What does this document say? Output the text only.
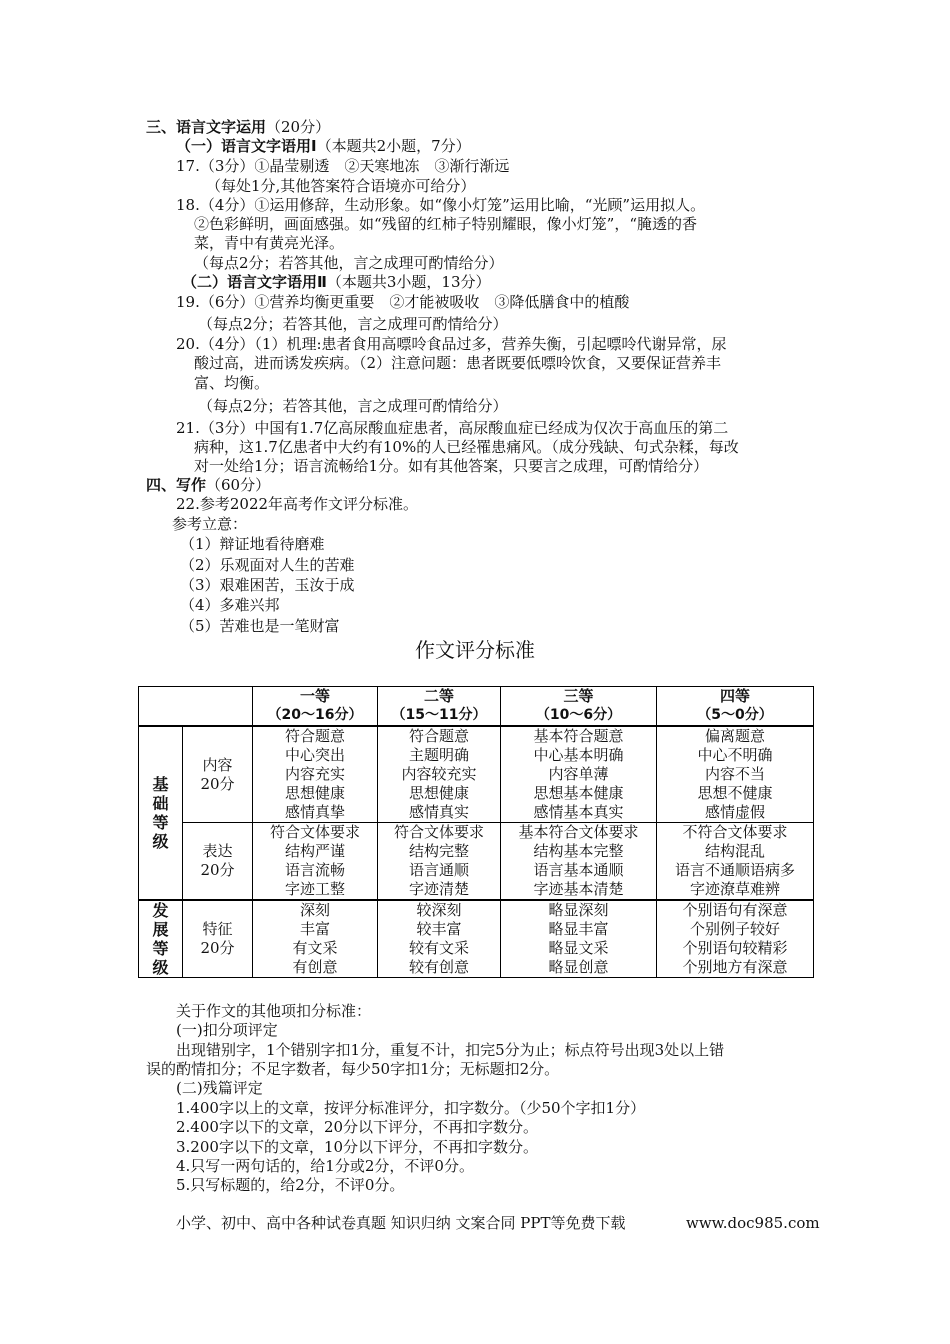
三、语言文字运用（20分）
（一）语言文字语用Ⅰ（本题共2小题，7分）
17.（3分）①晶莹剔透　②天寒地冻　③渐行渐远
（每处1分,其他答案符合语境亦可给分）
18.（4分）①运用修辞，生动形象。如“像小灯笼”运用比喻，“光顾”运用拟人。
②色彩鲜明，画面感强。如“残留的红柿子特别耀眼，像小灯笼”，“腌透的香
菜，青中有黄亮光泽。
（每点2分；若答其他，言之成理可酌情给分）
（二）语言文字语用Ⅱ（本题共3小题，13分）
19.（6分）①营养均衡更重要　②才能被吸收　③降低膳食中的植酸
（每点2分；若答其他，言之成理可酌情给分）
20.（4分）（1）机理:患者食用高嘌呤食品过多，营养失衡，引起嘌呤代谢异常，尿
酸过高，进而诱发疾病。（2）注意问题：患者既要低嘌呤饮食，又要保证营养丰
富、均衡。
（每点2分；若答其他，言之成理可酌情给分）
21.（3分）中国有1.7亿高尿酸血症患者，高尿酸血症已经成为仅次于高血压的第二
病种，这1.7亿患者中大约有10%的人已经罹患痛风。（成分残缺、句式杂糅，每改
对一处给1分；语言流畅给1分。如有其他答案，只要言之成理，可酌情给分）
四、写作（60分）
22.参考2022年高考作文评分标准。
参考立意：
（1）辩证地看待磨难
（2）乐观面对人生的苦难
（3）艰难困苦，玉汝于成
（4）多难兴邦
（5）苦难也是一笔财富
作文评分标准

		一等
（20～16分）	二等
（15～11分）	三等
（10～6分）	四等
（5～0分）

基
础
等
级	内容
20分	符合题意
中心突出
内容充实
思想健康
感情真挚	符合题意
主题明确
内容较充实
思想健康
感情真实	基本符合题意
中心基本明确
内容单薄
思想基本健康
感情基本真实	偏离题意
中心不明确
内容不当
思想不健康
感情虚假

	表达
20分	符合文体要求
结构严谨
语言流畅
字迹工整	符合文体要求
结构完整
语言通顺
字迹清楚	基本符合文体要求
结构基本完整
语言基本通顺
字迹基本清楚	不符合文体要求
结构混乱
语言不通顺语病多
字迹潦草难辨

发
展
等
级	特征
20分	深刻
丰富
有文采
有创意	较深刻
较丰富
较有文采
较有创意	略显深刻
略显丰富
略显文采
略显创意	个别语句有深意
个别例子较好
个别语句较精彩
个别地方有深意
关于作文的其他项扣分标准：
(一)扣分项评定
出现错别字，1个错别字扣1分，重复不计，扣完5分为止；标点符号出现3处以上错
误的酌情扣分；不足字数者，每少50字扣1分；无标题扣2分。
(二)残篇评定
1.400字以上的文章，按评分标准评分，扣字数分。（少50个字扣1分）
2.400字以下的文章，20分以下评分，不再扣字数分。
3.200字以下的文章，10分以下评分，不再扣字数分。
4.只写一两句话的，给1分或2分，不评0分。
5.只写标题的，给2分，不评0分。
小学、初中、高中各种试卷真题 知识归纳 文案合同 PPT等免费下载	www.doc985.com
